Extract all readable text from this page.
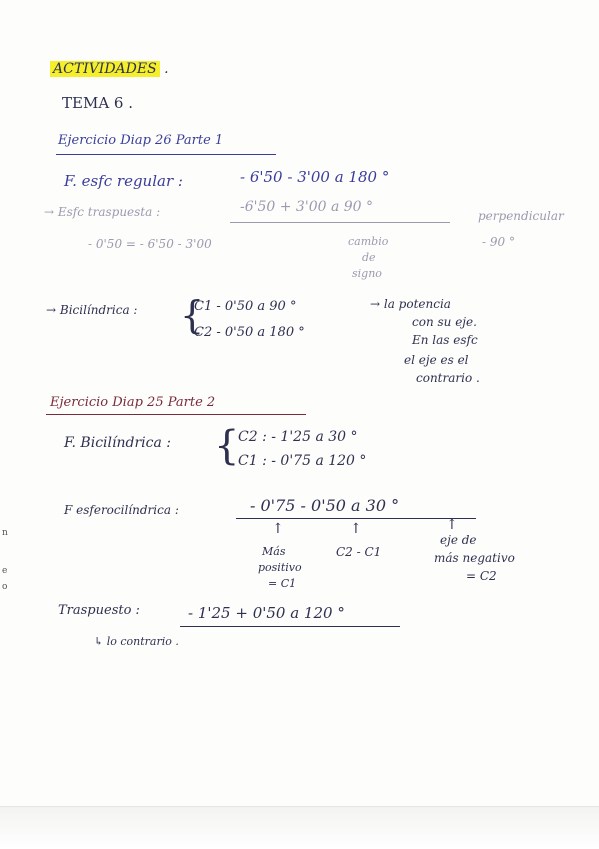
ACTIVIDADES .
TEMA 6 .
Ejercicio Diap 26 Parte 1
F. esfc regular :	- 6'50 - 3'00 a 180 °
→ Esfc traspuesta :	-6'50 + 3'00 a 90 °
perpendicular
- 90 °
- 0'50 = - 6'50 - 3'00	cambio
de
signo
→ Bicilíndrica : {
C1 - 0'50 a 90 °
C2 - 0'50 a 180 °
→ la potencia
con su eje.
En las esfc
el eje es el
contrario .
Ejercicio Diap 25 Parte 2
F. Bicilíndrica : {
C2 : - 1'25 a 30 °
C1 : - 0'75 a 120 °
F esferocilíndrica :	- 0'75 - 0'50 a 30 °
↑	↑	↑
Más
positivo
= C1
C2 - C1
eje de
más negativo
= C2
Traspuesto :	- 1'25 + 0'50 a 120 °
↳ lo contrario .
n
e
o
